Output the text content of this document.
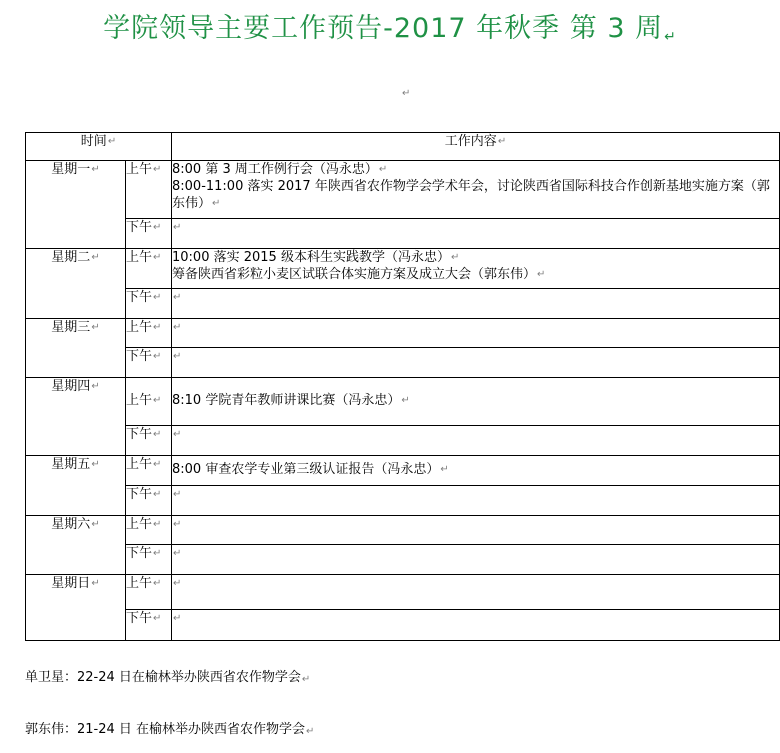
学院领导主要工作预告-2017 年秋季 第 3 周↵
↵
时间↵		工作内容↵
星期一↵	上午↵	8:00 第 3 周工作例行会（冯永忠）↵
8:00-11:00 落实 2017 年陕西省农作物学会学术年会，讨论陕西省国际科技合作创新基地实施方案（郭东伟）↵

	下午↵	↵
星期二↵	上午↵	10:00 落实 2015 级本科生实践教学（冯永忠）↵
筹备陕西省彩粒小麦区试联合体实施方案及成立大会（郭东伟）↵

	下午↵	↵
星期三↵	上午↵	↵
	下午↵	↵
星期四↵	上午↵	8:10 学院青年教师讲课比赛（冯永忠）↵

	下午↵	↵
星期五↵	上午↵	8:00 审查农学专业第三级认证报告（冯永忠）↵

	下午↵	↵
星期六↵	上午↵	↵
	下午↵	↵
星期日↵	上午↵	↵
	下午↵	↵
单卫星：22-24 日在榆林举办陕西省农作物学会↵
郭东伟：21-24 日 在榆林举办陕西省农作物学会↵
